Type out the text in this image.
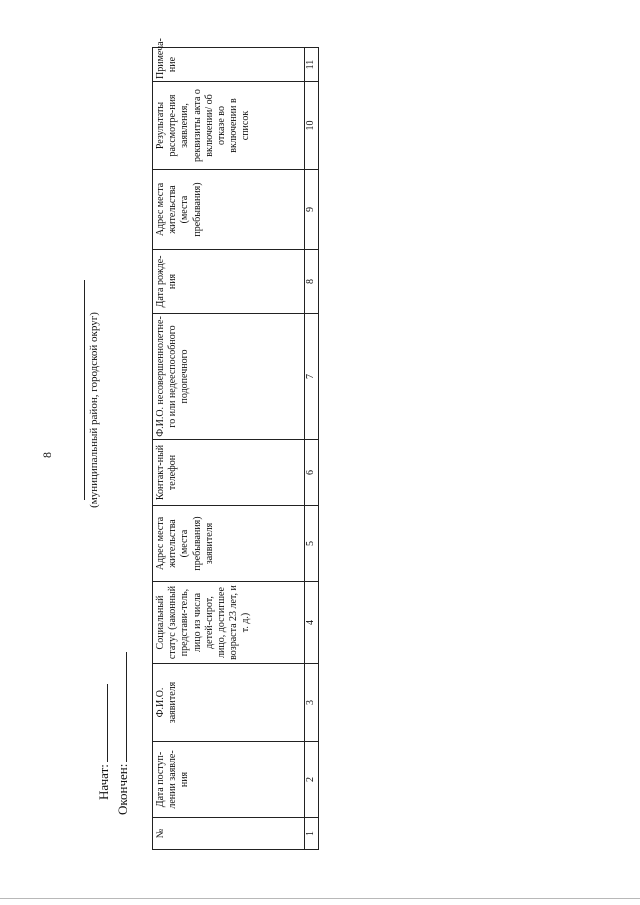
8
Начат: Окончен:
(муниципальный район, городской округ)
№	Дата поступ-лении заявле-ния	Ф.И.О. заявителя	Социальный статус (законный представи-тель, лицо из числа детей-сирот, лицо, достигшее возраста 23 лет, и т. д.)	Адрес места жительства (места пребывания) заявителя	Контакт-ный телефон	Ф.И.О. несовершеннолетне-го или недееспособного подопечного	Дата рожде-ния	Адрес места жительства (места пребывания)	Результаты рассмотре-ния заявления, реквизиты акта о включении/ об отказе во включении в список	Примеча-ние
1	2	3	4	5	6	7	8	9	10	11
